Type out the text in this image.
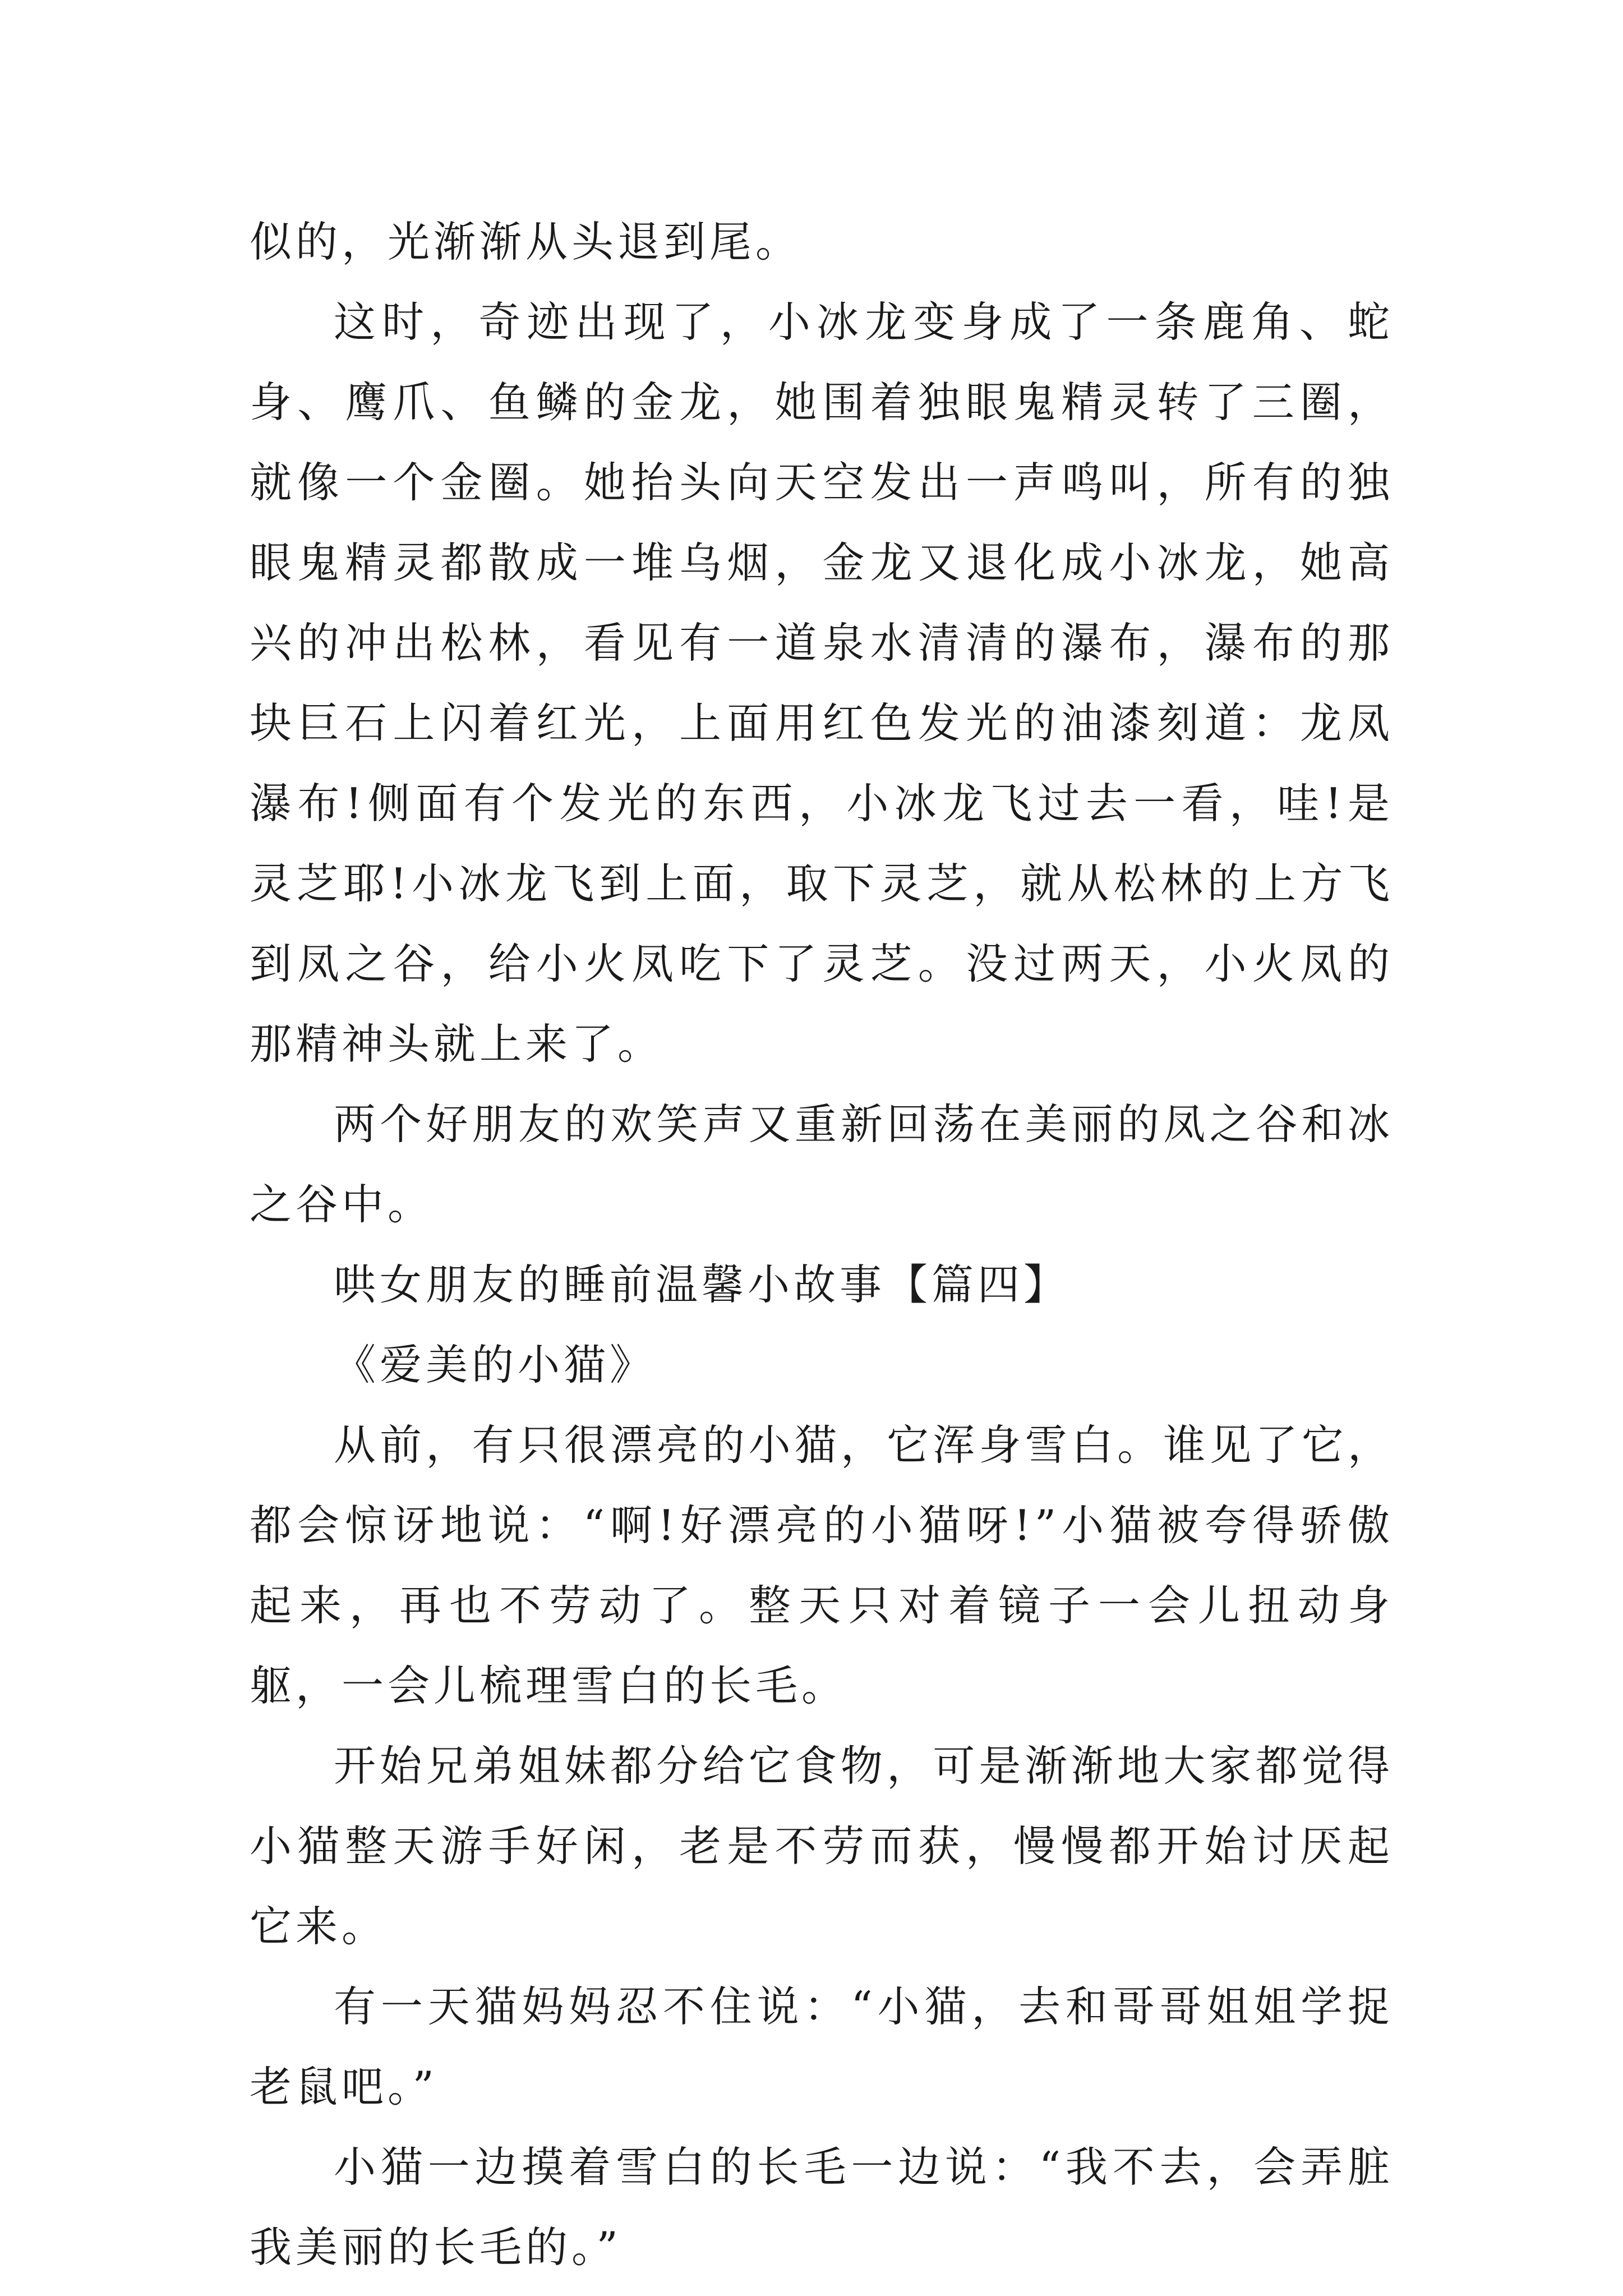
似的，光渐渐从头退到尾。

这时，奇迹出现了，小冰龙变身成了一条鹿角、蛇身、鹰爪、鱼鳞的金龙，她围着独眼鬼精灵转了三圈，就像一个金圈。她抬头向天空发出一声鸣叫，所有的独眼鬼精灵都散成一堆乌烟，金龙又退化成小冰龙，她高兴的冲出松林，看见有一道泉水清清的瀑布，瀑布的那块巨石上闪着红光，上面用红色发光的油漆刻道：龙凤瀑布!侧面有个发光的东西，小冰龙飞过去一看，哇!是灵芝耶!小冰龙飞到上面，取下灵芝，就从松林的上方飞到凤之谷，给小火凤吃下了灵芝。没过两天，小火凤的那精神头就上来了。

两个好朋友的欢笑声又重新回荡在美丽的凤之谷和冰之谷中。

哄女朋友的睡前温馨小故事【篇四】

《爱美的小猫》

从前，有只很漂亮的小猫，它浑身雪白。谁见了它，都会惊讶地说：“啊!好漂亮的小猫呀!”小猫被夸得骄傲起来，再也不劳动了。整天只对着镜子一会儿扭动身躯，一会儿梳理雪白的长毛。

开始兄弟姐妹都分给它食物，可是渐渐地大家都觉得小猫整天游手好闲，老是不劳而获，慢慢都开始讨厌起它来。

有一天猫妈妈忍不住说：“小猫，去和哥哥姐姐学捉老鼠吧。”

小猫一边摸着雪白的长毛一边说：“我不去，会弄脏我美丽的长毛的。”
